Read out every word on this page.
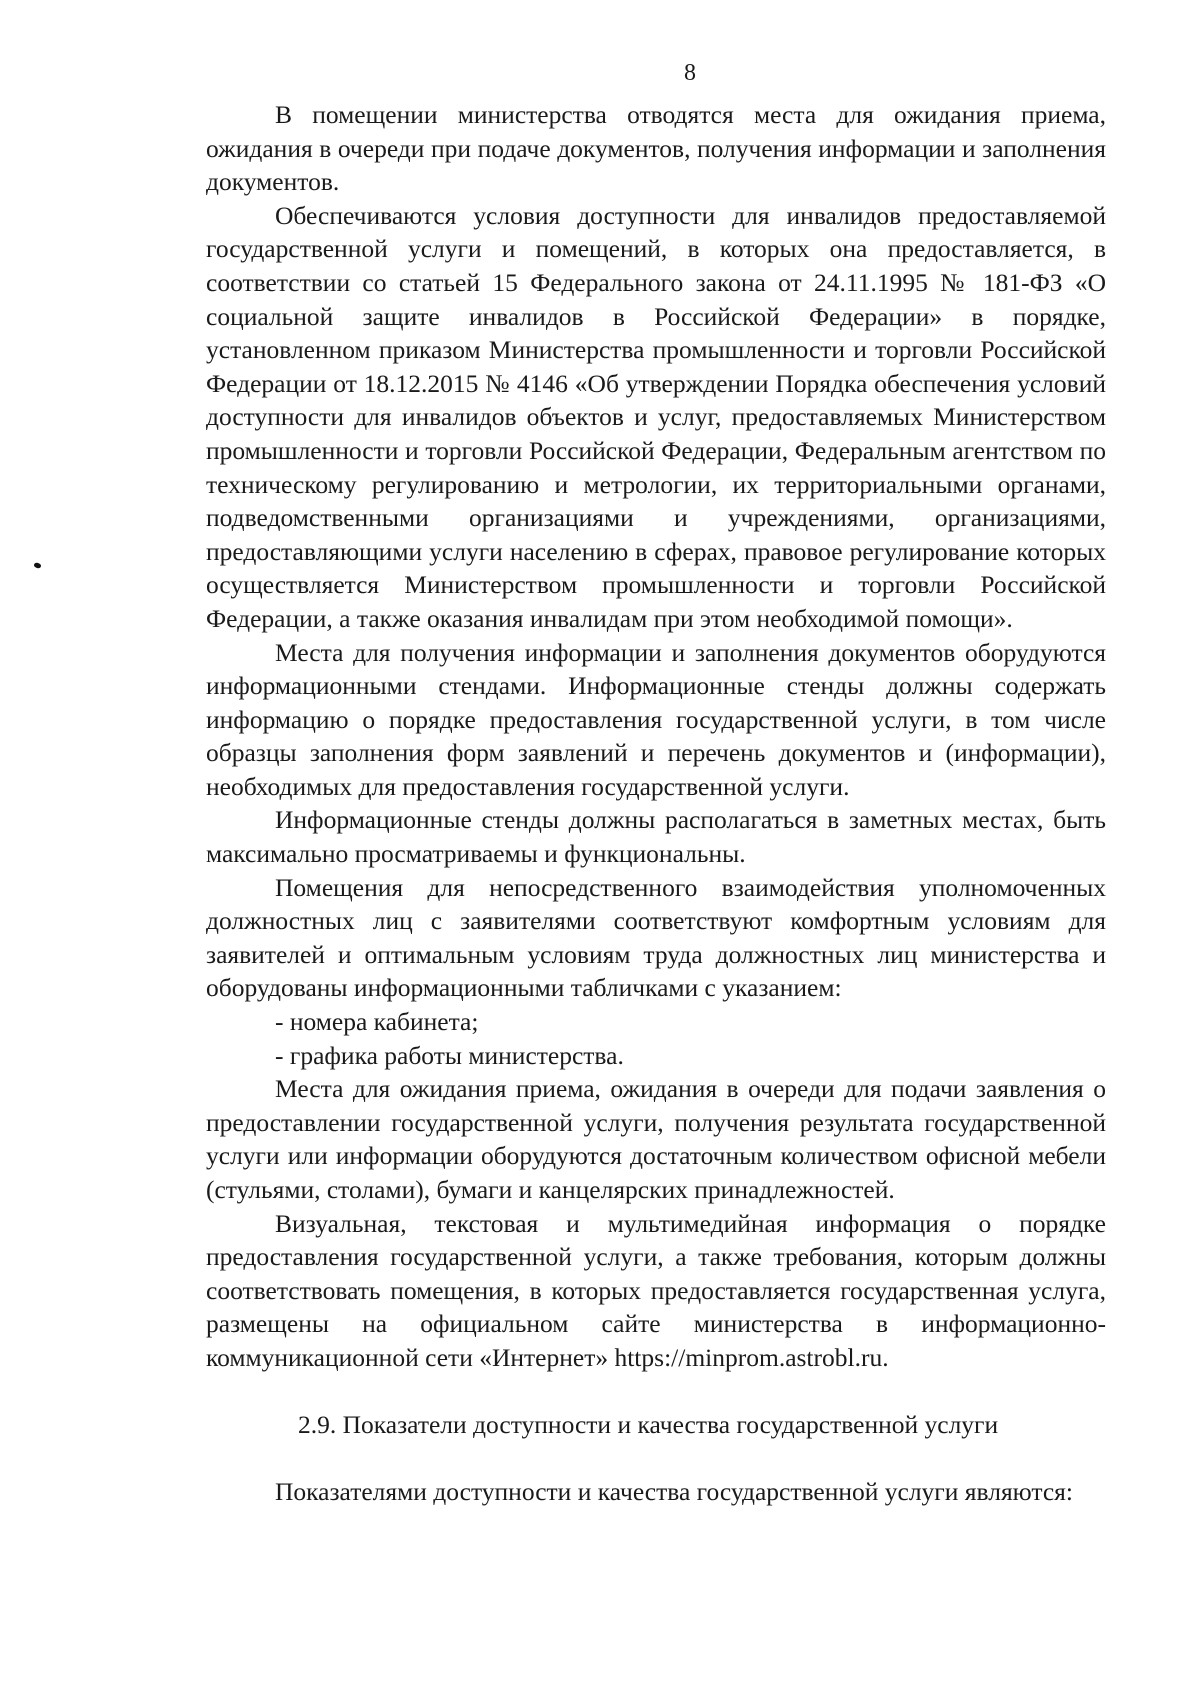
8

В помещении министерства отводятся места для ожидания приема, ожидания в очереди при подаче документов, получения информации и заполнения документов.

Обеспечиваются условия доступности для инвалидов предоставляемой государственной услуги и помещений, в которых она предоставляется, в соответствии со статьей 15 Федерального закона от 24.11.1995 № 181-ФЗ «О социальной защите инвалидов в Российской Федерации» в порядке, установленном приказом Министерства промышленности и торговли Российской Федерации от 18.12.2015 № 4146 «Об утверждении Порядка обеспечения условий доступности для инвалидов объектов и услуг, предоставляемых Министерством промышленности и торговли Российской Федерации, Федеральным агентством по техническому регулированию и метрологии, их территориальными органами, подведомственными организациями и учреждениями, организациями, предоставляющими услуги населению в сферах, правовое регулирование которых осуществляется Министерством промышленности и торговли Российской Федерации, а также оказания инвалидам при этом необходимой помощи».

Места для получения информации и заполнения документов оборудуются информационными стендами. Информационные стенды должны содержать информацию о порядке предоставления государственной услуги, в том числе образцы заполнения форм заявлений и перечень документов и (информации), необходимых для предоставления государственной услуги.

Информационные стенды должны располагаться в заметных местах, быть максимально просматриваемы и функциональны.

Помещения для непосредственного взаимодействия уполномоченных должностных лиц с заявителями соответствуют комфортным условиям для заявителей и оптимальным условиям труда должностных лиц министерства и оборудованы информационными табличками с указанием:

- номера кабинета;

- графика работы министерства.

Места для ожидания приема, ожидания в очереди для подачи заявления о предоставлении государственной услуги, получения результата государственной услуги или информации оборудуются достаточным количеством офисной мебели (стульями, столами), бумаги и канцелярских принадлежностей.

Визуальная, текстовая и мультимедийная информация о порядке предоставления государственной услуги, а также требования, которым должны соответствовать помещения, в которых предоставляется государственная услуга, размещены на официальном сайте министерства в информационно-коммуникационной сети «Интернет» https://minprom.astrobl.ru.

2.9. Показатели доступности и качества государственной услуги

Показателями доступности и качества государственной услуги являются:
